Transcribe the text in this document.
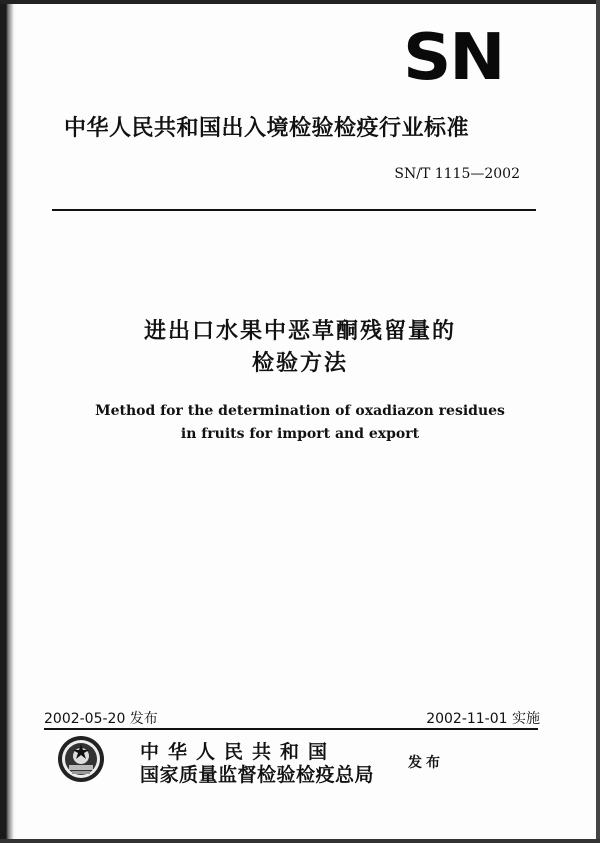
SN
中华人民共和国出入境检验检疫行业标准
SN/T 1115—2002
进出口水果中恶草酮残留量的
检验方法
Method for the determination of oxadiazon residues
in fruits for import and export
2002-05-20 发布	2002-11-01 实施
中华人民共和国
国家质量监督检验检疫总局
发布
